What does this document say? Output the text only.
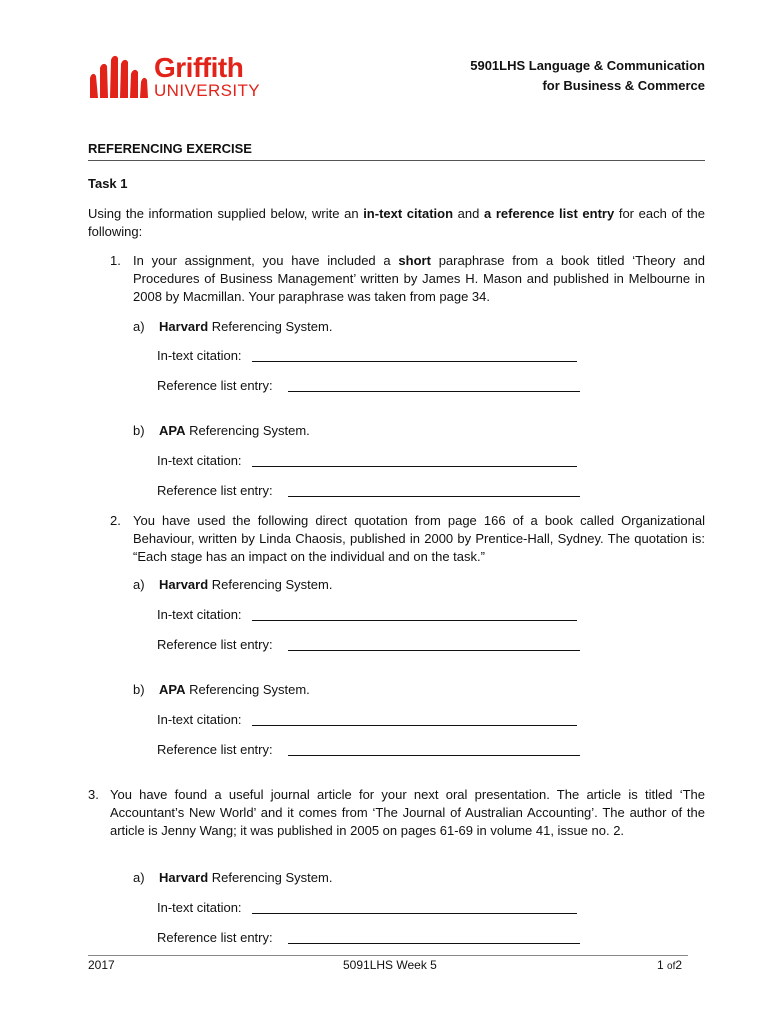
Griffith
UNIVERSITY
5901LHS Language & Communication
for Business & Commerce
REFERENCING EXERCISE
Task 1
Using the information supplied below, write an in-text citation and a reference list entry for each of the following:
1. In your assignment, you have included a short paraphrase from a book titled ‘Theory and Procedures of Business Management’ written by James H. Mason and published in Melbourne in 2008 by Macmillan. Your paraphrase was taken from page 34.
a) Harvard Referencing System.
In-text citation:
Reference list entry:
b) APA Referencing System.
In-text citation:
Reference list entry:
2. You have used the following direct quotation from page 166 of a book called Organizational Behaviour, written by Linda Chaosis, published in 2000 by Prentice-Hall, Sydney. The quotation is: “Each stage has an impact on the individual and on the task.”
a) Harvard Referencing System.
In-text citation:
Reference list entry:
b) APA Referencing System.
In-text citation:
Reference list entry:
3. You have found a useful journal article for your next oral presentation. The article is titled ‘The Accountant’s New World’ and it comes from ‘The Journal of Australian Accounting’. The author of the article is Jenny Wang; it was published in 2005 on pages 61-69 in volume 41, issue no. 2.
a) Harvard Referencing System.
In-text citation:
Reference list entry:
2017	5091LHS Week 5	1 of2
